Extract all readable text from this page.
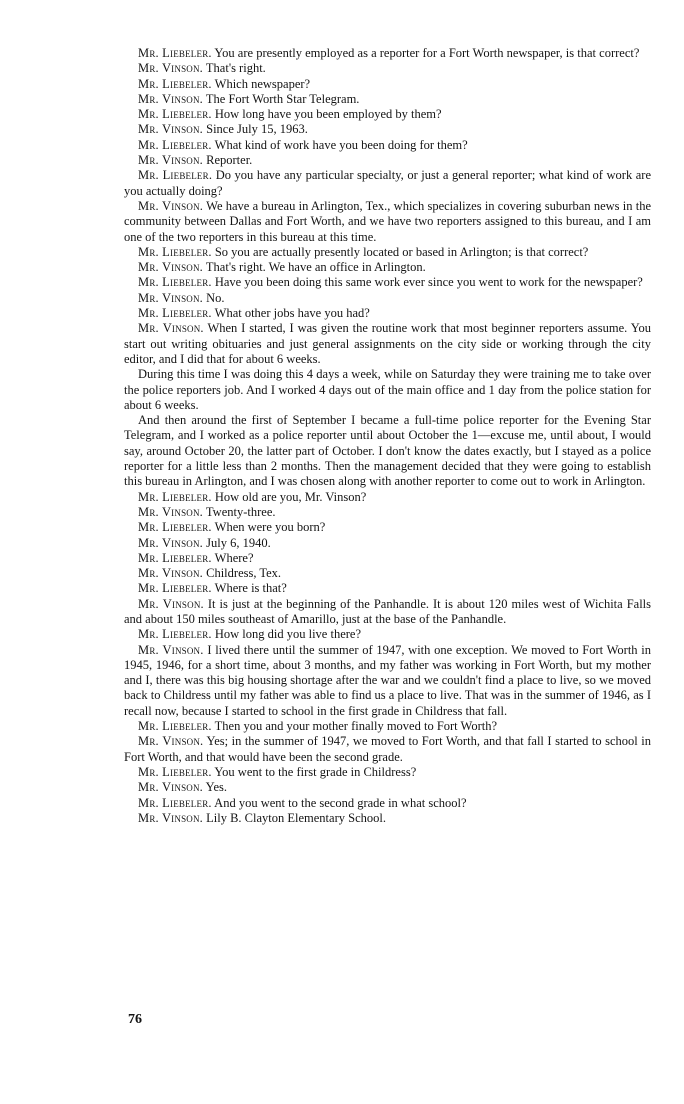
Mr. Liebeler. You are presently employed as a reporter for a Fort Worth newspaper, is that correct?

Mr. Vinson. That's right.

Mr. Liebeler. Which newspaper?

Mr. Vinson. The Fort Worth Star Telegram.

Mr. Liebeler. How long have you been employed by them?

Mr. Vinson. Since July 15, 1963.

Mr. Liebeler. What kind of work have you been doing for them?

Mr. Vinson. Reporter.

Mr. Liebeler. Do you have any particular specialty, or just a general reporter; what kind of work are you actually doing?

Mr. Vinson. We have a bureau in Arlington, Tex., which specializes in covering suburban news in the community between Dallas and Fort Worth, and we have two reporters assigned to this bureau, and I am one of the two reporters in this bureau at this time.

Mr. Liebeler. So you are actually presently located or based in Arlington; is that correct?

Mr. Vinson. That's right. We have an office in Arlington.

Mr. Liebeler. Have you been doing this same work ever since you went to work for the newspaper?

Mr. Vinson. No.

Mr. Liebeler. What other jobs have you had?

Mr. Vinson. When I started, I was given the routine work that most beginner reporters assume. You start out writing obituaries and just general assignments on the city side or working through the city editor, and I did that for about 6 weeks.

During this time I was doing this 4 days a week, while on Saturday they were training me to take over the police reporters job. And I worked 4 days out of the main office and 1 day from the police station for about 6 weeks.

And then around the first of September I became a full-time police reporter for the Evening Star Telegram, and I worked as a police reporter until about October the 1—excuse me, until about, I would say, around October 20, the latter part of October. I don't know the dates exactly, but I stayed as a police reporter for a little less than 2 months. Then the management decided that they were going to establish this bureau in Arlington, and I was chosen along with another reporter to come out to work in Arlington.

Mr. Liebeler. How old are you, Mr. Vinson?

Mr. Vinson. Twenty-three.

Mr. Liebeler. When were you born?

Mr. Vinson. July 6, 1940.

Mr. Liebeler. Where?

Mr. Vinson. Childress, Tex.

Mr. Liebeler. Where is that?

Mr. Vinson. It is just at the beginning of the Panhandle. It is about 120 miles west of Wichita Falls and about 150 miles southeast of Amarillo, just at the base of the Panhandle.

Mr. Liebeler. How long did you live there?

Mr. Vinson. I lived there until the summer of 1947, with one exception. We moved to Fort Worth in 1945, 1946, for a short time, about 3 months, and my father was working in Fort Worth, but my mother and I, there was this big housing shortage after the war and we couldn't find a place to live, so we moved back to Childress until my father was able to find us a place to live. That was in the summer of 1946, as I recall now, because I started to school in the first grade in Childress that fall.

Mr. Liebeler. Then you and your mother finally moved to Fort Worth?

Mr. Vinson. Yes; in the summer of 1947, we moved to Fort Worth, and that fall I started to school in Fort Worth, and that would have been the second grade.

Mr. Liebeler. You went to the first grade in Childress?

Mr. Vinson. Yes.

Mr. Liebeler. And you went to the second grade in what school?

Mr. Vinson. Lily B. Clayton Elementary School.

76
